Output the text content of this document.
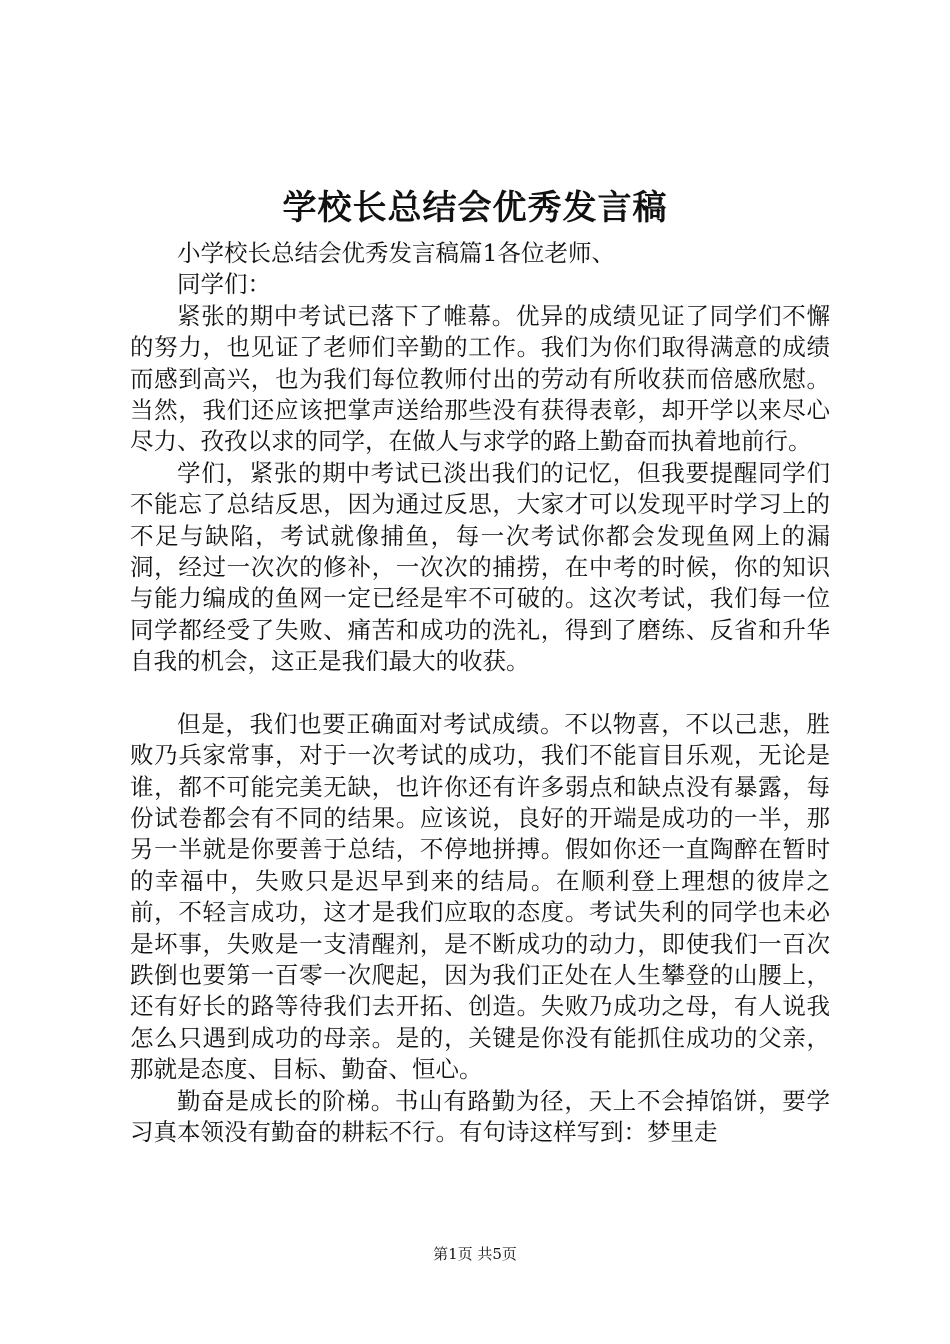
学校长总结会优秀发言稿

小学校长总结会优秀发言稿篇1各位老师、

同学们：

紧张的期中考试已落下了帷幕。优异的成绩见证了同学们不懈的努力，也见证了老师们辛勤的工作。我们为你们取得满意的成绩而感到高兴，也为我们每位教师付出的劳动有所收获而倍感欣慰。当然，我们还应该把掌声送给那些没有获得表彰，却开学以来尽心尽力、孜孜以求的同学，在做人与求学的路上勤奋而执着地前行。

学们，紧张的期中考试已淡出我们的记忆，但我要提醒同学们不能忘了总结反思，因为通过反思，大家才可以发现平时学习上的不足与缺陷，考试就像捕鱼，每一次考试你都会发现鱼网上的漏洞，经过一次次的修补，一次次的捕捞，在中考的时候，你的知识与能力编成的鱼网一定已经是牢不可破的。这次考试，我们每一位同学都经受了失败、痛苦和成功的洗礼，得到了磨练、反省和升华自我的机会，这正是我们最大的收获。

但是，我们也要正确面对考试成绩。不以物喜，不以己悲，胜败乃兵家常事，对于一次考试的成功，我们不能盲目乐观，无论是谁，都不可能完美无缺，也许你还有许多弱点和缺点没有暴露，每份试卷都会有不同的结果。应该说，良好的开端是成功的一半，那另一半就是你要善于总结，不停地拼搏。假如你还一直陶醉在暂时的幸福中，失败只是迟早到来的结局。在顺利登上理想的彼岸之前，不轻言成功，这才是我们应取的态度。考试失利的同学也未必是坏事，失败是一支清醒剂，是不断成功的动力，即使我们一百次跌倒也要第一百零一次爬起，因为我们正处在人生攀登的山腰上，还有好长的路等待我们去开拓、创造。失败乃成功之母，有人说我怎么只遇到成功的母亲。是的，关键是你没有能抓住成功的父亲，那就是态度、目标、勤奋、恒心。

勤奋是成长的阶梯。书山有路勤为径，天上不会掉馅饼，要学习真本领没有勤奋的耕耘不行。有句诗这样写到：梦里走

第1页 共5页
